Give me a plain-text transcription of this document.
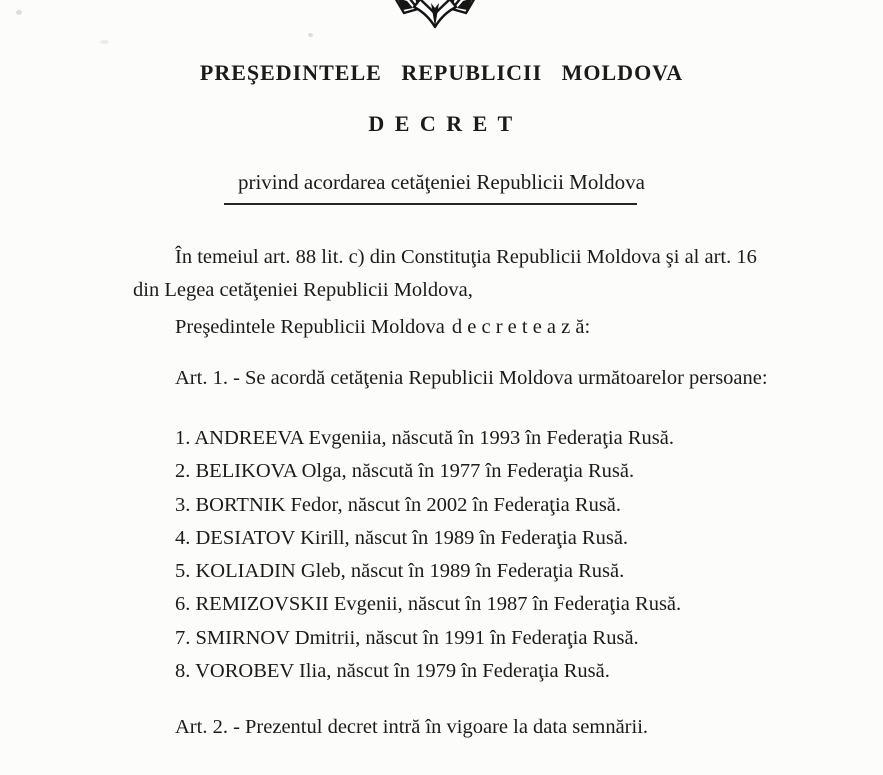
PREŞEDINTELE REPUBLICII MOLDOVA
D E C R E T
privind acordarea cetăţeniei Republicii Moldova
În temeiul art. 88 lit. c) din Constituţia Republicii Moldova şi al art. 16
din Legea cetăţeniei Republicii Moldova,
Preşedintele Republicii Moldova d e c r e t e a z ă:
Art. 1. - Se acordă cetăţenia Republicii Moldova următoarelor persoane:
1. ANDREEVA Evgeniia, născută în 1993 în Federaţia Rusă.
2. BELIKOVA Olga, născută în 1977 în Federaţia Rusă.
3. BORTNIK Fedor, născut în 2002 în Federaţia Rusă.
4. DESIATOV Kirill, născut în 1989 în Federaţia Rusă.
5. KOLIADIN Gleb, născut în 1989 în Federaţia Rusă.
6. REMIZOVSKII Evgenii, născut în 1987 în Federaţia Rusă.
7. SMIRNOV Dmitrii, născut în 1991 în Federaţia Rusă.
8. VOROBEV Ilia, născut în 1979 în Federaţia Rusă.
Art. 2. - Prezentul decret intră în vigoare la data semnării.
